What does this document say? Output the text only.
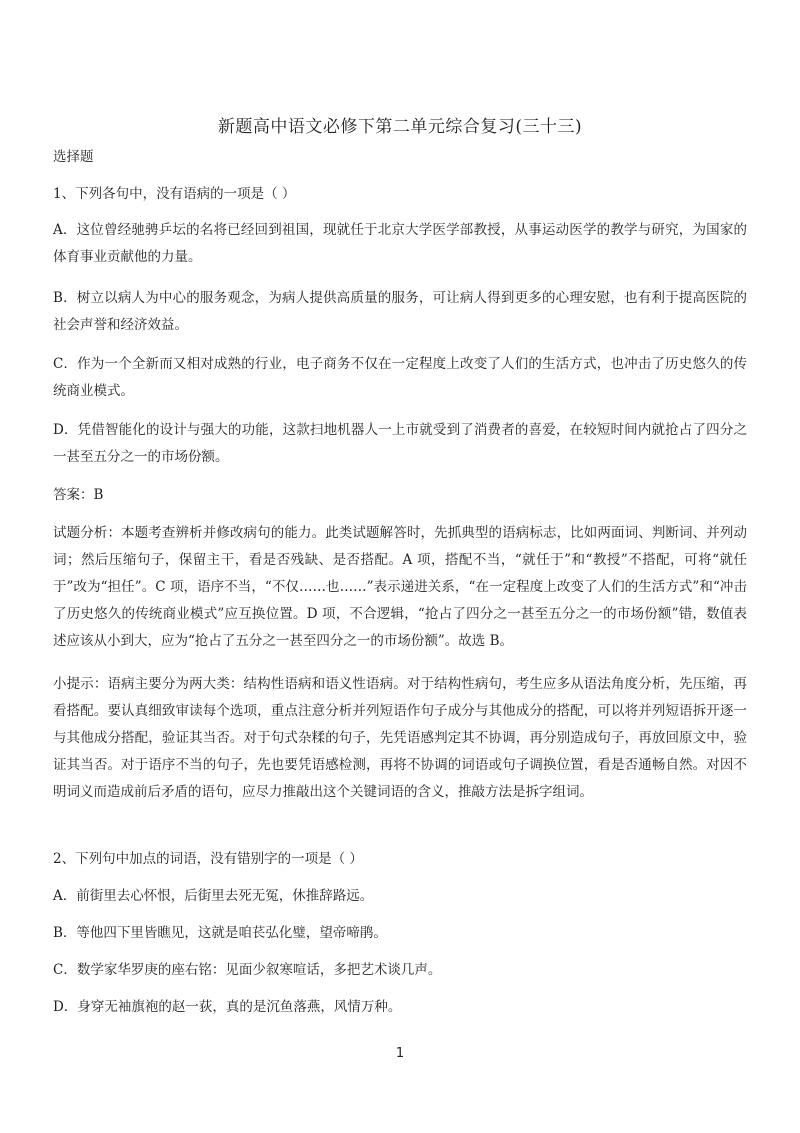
新题高中语文必修下第二单元综合复习(三十三)
选择题
1、下列各句中，没有语病的一项是（ ）
A．这位曾经驰骋乒坛的名将已经回到祖国，现就任于北京大学医学部教授，从事运动医学的教学与研究，为国家的体育事业贡献他的力量。
B．树立以病人为中心的服务观念，为病人提供高质量的服务，可让病人得到更多的心理安慰，也有利于提高医院的社会声誉和经济效益。
C．作为一个全新而又相对成熟的行业，电子商务不仅在一定程度上改变了人们的生活方式，也冲击了历史悠久的传统商业模式。
D．凭借智能化的设计与强大的功能，这款扫地机器人一上市就受到了消费者的喜爱，在较短时间内就抢占了四分之一甚至五分之一的市场份额。
答案：B
试题分析：本题考查辨析并修改病句的能力。此类试题解答时，先抓典型的语病标志，比如两面词、判断词、并列动词；然后压缩句子，保留主干，看是否残缺、是否搭配。A 项，搭配不当，“就任于”和“教授”不搭配，可将“就任于”改为“担任”。C 项，语序不当，“不仅……也……”表示递进关系，“在一定程度上改变了人们的生活方式”和“冲击了历史悠久的传统商业模式”应互换位置。D 项，不合逻辑，“抢占了四分之一甚至五分之一的市场份额”错，数值表述应该从小到大，应为“抢占了五分之一甚至四分之一的市场份额”。故选 B。
小提示：语病主要分为两大类：结构性语病和语义性语病。对于结构性病句，考生应多从语法角度分析，先压缩，再看搭配。要认真细致审读每个选项，重点注意分析并列短语作句子成分与其他成分的搭配，可以将并列短语拆开逐一与其他成分搭配，验证其当否。对于句式杂糅的句子，先凭语感判定其不协调，再分别造成句子，再放回原文中，验证其当否。对于语序不当的句子，先也要凭语感检测，再将不协调的词语或句子调换位置，看是否通畅自然。对因不明词义而造成前后矛盾的语句，应尽力推敲出这个关键词语的含义，推敲方法是拆字组词。
2、下列句中加点的词语，没有错别字的一项是（ ）
A．前街里去心怀恨，后街里去死无冤，休推辞路远。
B．等他四下里皆瞧见，这就是咱苌弘化璧，望帝啼鹃。
C．数学家华罗庚的座右铭：见面少叙寒喧话，多把艺术谈几声。
D．身穿无袖旗袍的赵一荻，真的是沉鱼落燕，风情万种。
1
